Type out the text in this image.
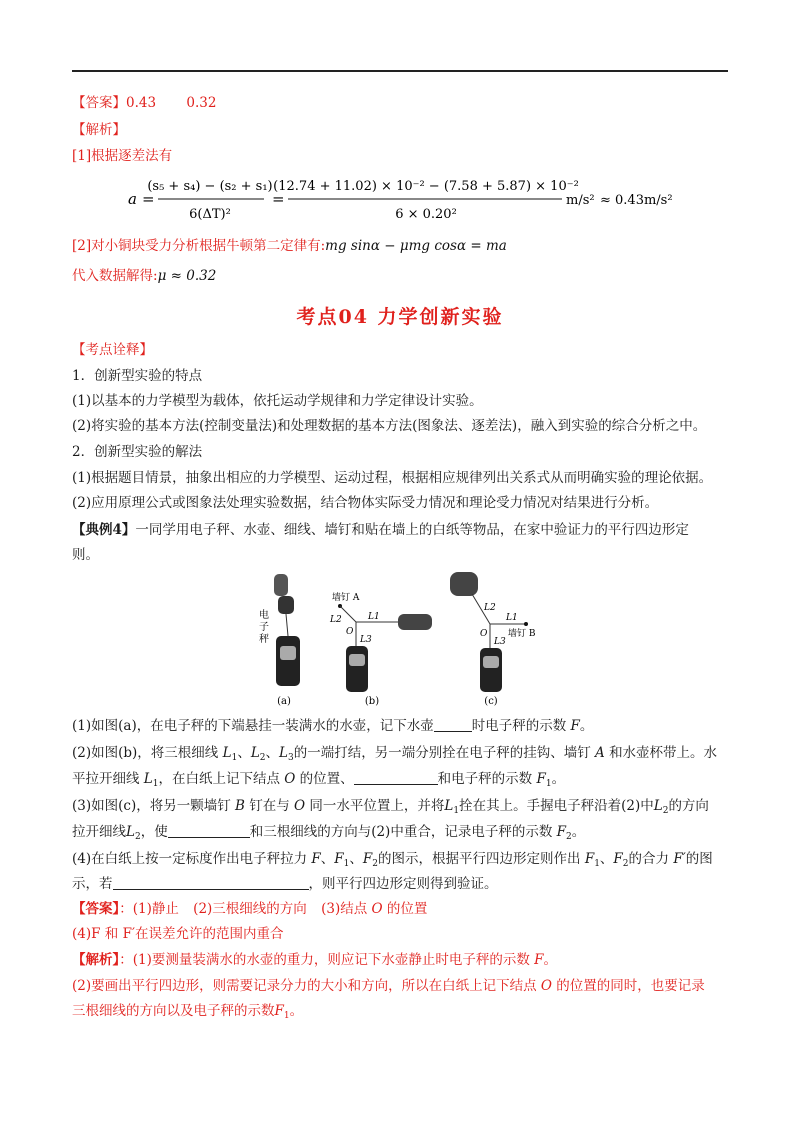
【答案】0.43 0.32
【解析】
[1]根据逐差法有
a =
(s₅ + s₄) − (s₂ + s₁)
6(ΔT)²
=
(12.74 + 11.02) × 10⁻² − (7.58 + 5.87) × 10⁻²
6 × 0.20²
m/s² ≈ 0.43m/s²
[2]对小铜块受力分析根据牛顿第二定律有:mg sinα − μmg cosα = ma
代入数据解得:μ ≈ 0.32
考点04 力学创新实验
【考点诠释】
1．创新型实验的特点
(1)以基本的力学模型为载体，依托运动学规律和力学定律设计实验。
(2)将实验的基本方法(控制变量法)和处理数据的基本方法(图象法、逐差法)，融入到实验的综合分析之中。
2．创新型实验的解法
(1)根据题目情景，抽象出相应的力学模型、运动过程，根据相应规律列出关系式从而明确实验的理论依据。
(2)应用原理公式或图象法处理实验数据，结合物体实际受力情况和理论受力情况对结果进行分析。
【典例4】一同学用电子秤、水壶、细线、墙钉和贴在墙上的白纸等物品，在家中验证力的平行四边形定
则。
电
子
秤
(a)
墙钉 A
L2	L1
O
L3
(b)
L2
L1
O 墙钉 B
L3
(c)
(1)如图(a)，在电子秤的下端悬挂一装满水的水壶，记下水壶	时电子秤的示数 F。
(2)如图(b)，将三根细线 $L_1$、$L_2$、$L_3$的一端打结，另一端分别拴在电子秤的挂钩、墙钉 A 和水壶杯带上。水
平拉开细线 $L_1$，在白纸上记下结点 O 的位置、	和电子秤的示数 $F_1$。
(3)如图(c)，将另一颗墙钉 B 钉在与 O 同一水平位置上，并将$L_1$拴在其上。手握电子秤沿着(2)中$L_2$的方向
拉开细线$L_2$，使	和三根细线的方向与(2)中重合，记录电子秤的示数 $F_2$。
(4)在白纸上按一定标度作出电子秤拉力 F、$F_1$、$F_2$的图示，根据平行四边形定则作出 $F_1$、$F_2$的合力 F′的图
示，若	，则平行四边形定则得到验证。
【答案】：(1)静止 (2)三根细线的方向 (3)结点 O 的位置
(4)F 和 F′在误差允许的范围内重合
【解析】：(1)要测量装满水的水壶的重力，则应记下水壶静止时电子秤的示数 F。
(2)要画出平行四边形，则需要记录分力的大小和方向，所以在白纸上记下结点 O 的位置的同时，也要记录
三根细线的方向以及电子秤的示数$F_1$。
